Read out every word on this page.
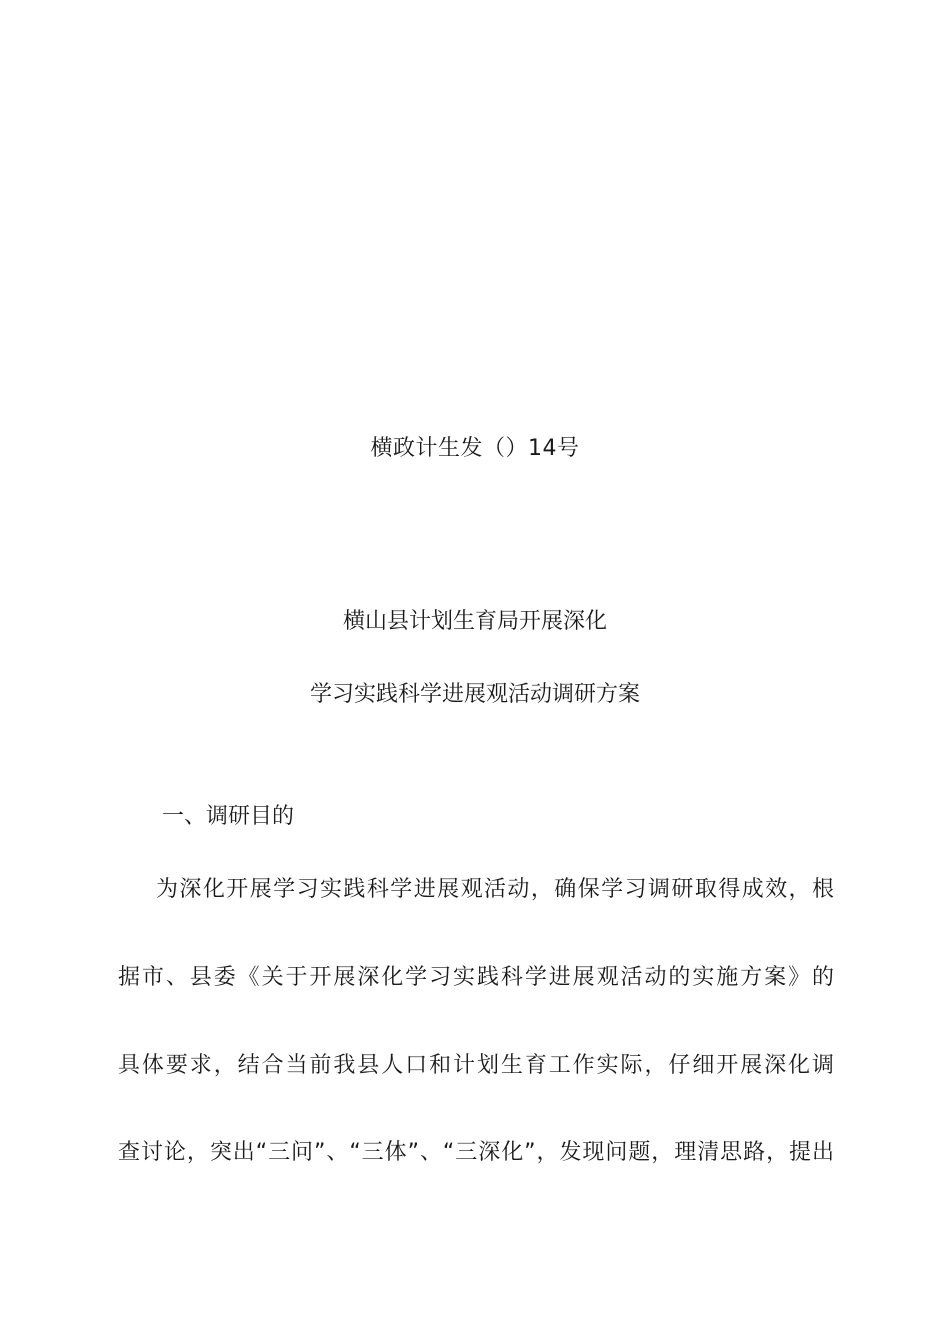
横政计生发（）14号
横山县计划生育局开展深化
学习实践科学进展观活动调研方案
一、调研目的
为深化开展学习实践科学进展观活动，确保学习调研取得成效，根
据市、县委《关于开展深化学习实践科学进展观活动的实施方案》的
具体要求，结合当前我县人口和计划生育工作实际，仔细开展深化调
查讨论，突出“三问”、“三体”、“三深化”，发现问题，理清思路，提出
